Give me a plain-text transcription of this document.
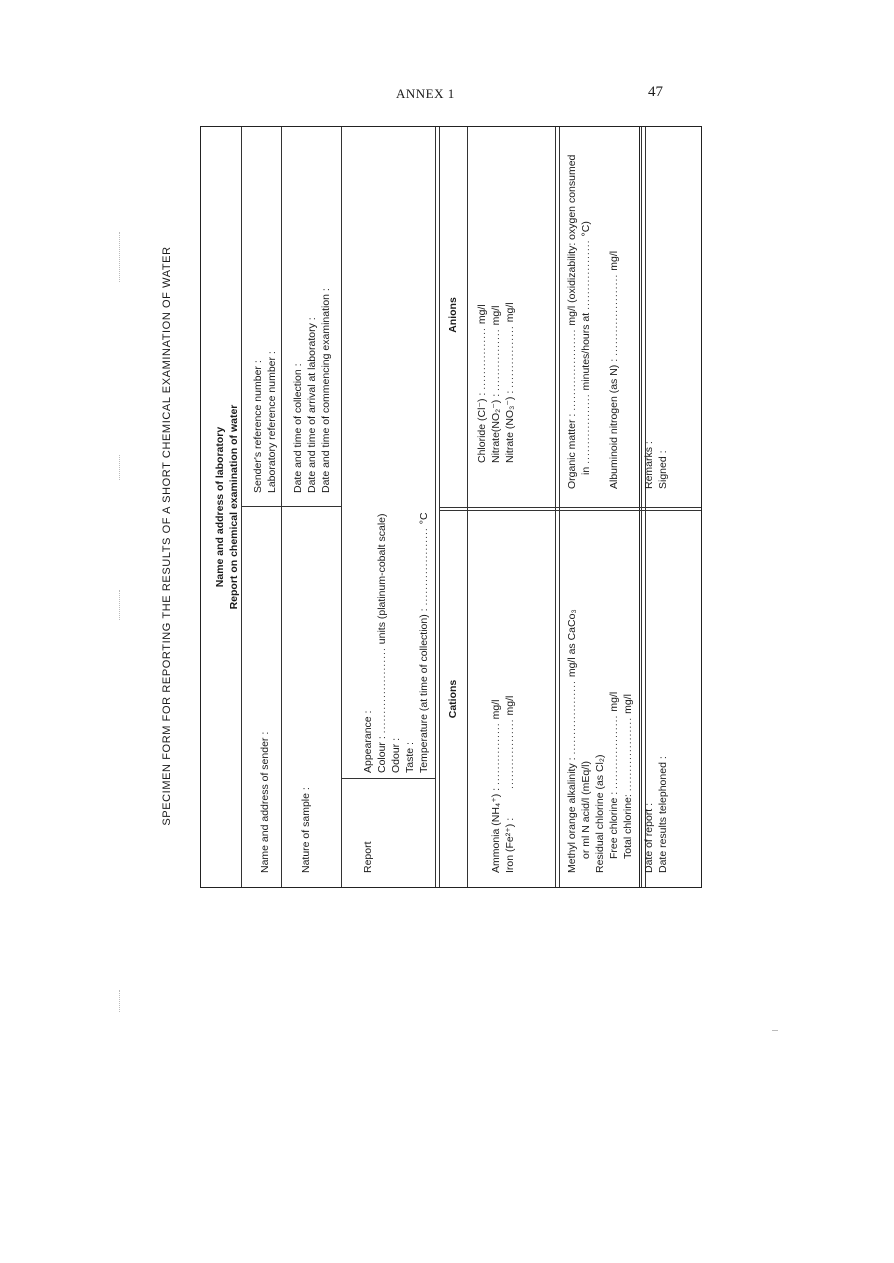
ANNEX 1	47
SPECIMEN FORM FOR REPORTING THE RESULTS OF A SHORT CHEMICAL EXAMINATION OF WATER	Name and address of laboratory Report on chemical examination of water
Name and address of sender :
Sender's reference number : Laboratory reference number :
Nature of sample :
Date and time of collection : Date and time of arrival at laboratory : Date and time of commencing examination :
Report
Appearance : Colour : ...................... units (platinum-cobalt scale)
Odour : Taste : Temperature (at time of collection) : .................... °C
Cations
Anions
Ammonia (NH₄⁺) : ................ mg/l
Iron (Fe²⁺) : .................. mg/l
Chloride (Cl⁻) : ................ mg/l
Nitrate(NO₂⁻) : ................ mg/l
Nitrate (NO₃⁻) : ................ mg/l
Methyl orange alkalinity : ................... mg/l as CaCo₃
or ml N acid/l (mEq/l) Residual chlorine (as Cl₂) Free chlorine : ................... mg/l
Total chlorine: ................... mg/l
Organic matter : ..................... mg/l (oxidizability: oxygen consumed
in .................. minutes/hours at .................. °C)
Albuminoid nitrogen (as N) : ..................... mg/l
Date of report : Date results telephoned :
Remarks : Signed :
